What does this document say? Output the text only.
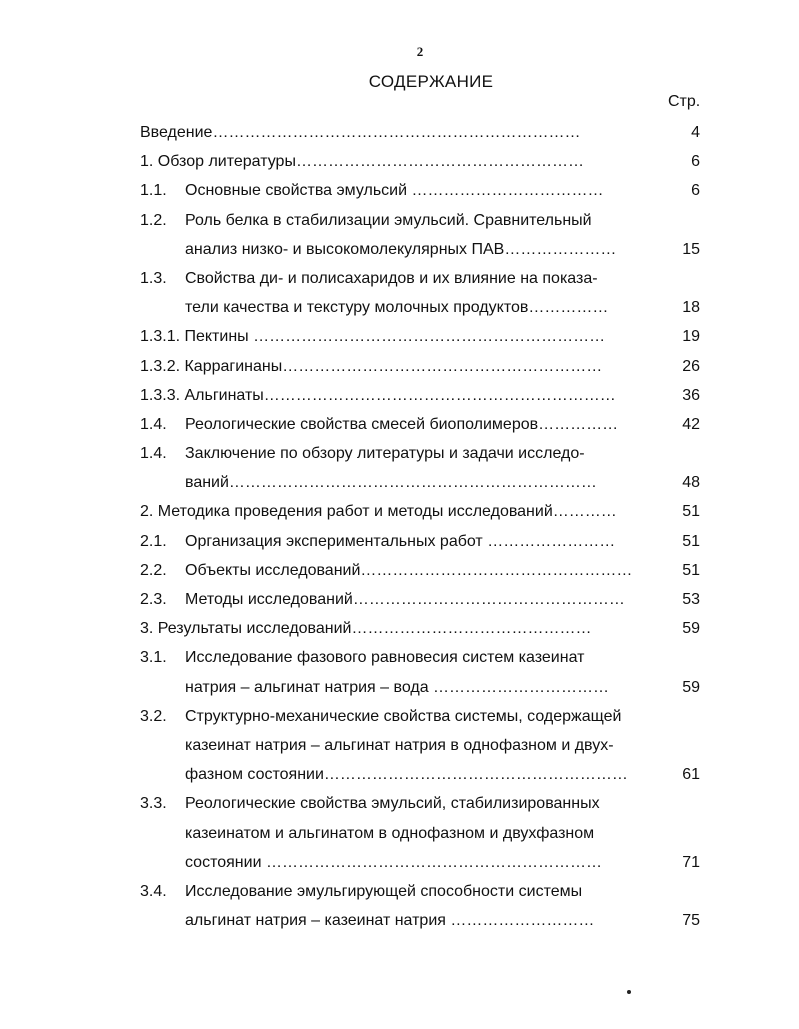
2
СОДЕРЖАНИЕ
Стр.
Введение……………………………………………………………	4
1. Обзор литературы………………………………………………	6
1.1. Основные свойства эмульсий ………………………………	6
1.2. Роль белка в стабилизации эмульсий. Сравнительный
анализ низко- и высокомолекулярных ПАВ…………………	15
1.3. Свойства ди- и полисахаридов и их влияние на показа-
тели качества и текстуру молочных продуктов……………	18
1.3.1. Пектины …………………………………………………………	19
1.3.2. Каррагинаны……………………………………………………	26
1.3.3. Альгинаты…………………………………………………………	36
1.4. Реологические свойства смесей биополимеров……………	42
1.4. Заключение по обзору литературы и задачи исследо-
ваний……………………………………………………………	48
2. Методика проведения работ и методы исследований…………	51
2.1. Организация экспериментальных работ ……………………	51
2.2. Объекты исследований……………………………………………	51
2.3. Методы исследований……………………………………………	53
3. Результаты исследований………………………………………	59
3.1. Исследование фазового равновесия систем казеинат
натрия – альгинат натрия – вода ……………………………	59
3.2. Структурно-механические свойства системы, содержащей
казеинат натрия – альгинат натрия в однофазном и двух-
фазном состоянии…………………………………………………	61
3.3. Реологические свойства эмульсий, стабилизированных
казеинатом и альгинатом в однофазном и двухфазном
состоянии ………………………………………………………	71
3.4. Исследование эмульгирующей способности системы
альгинат натрия – казеинат натрия ………………………	75
